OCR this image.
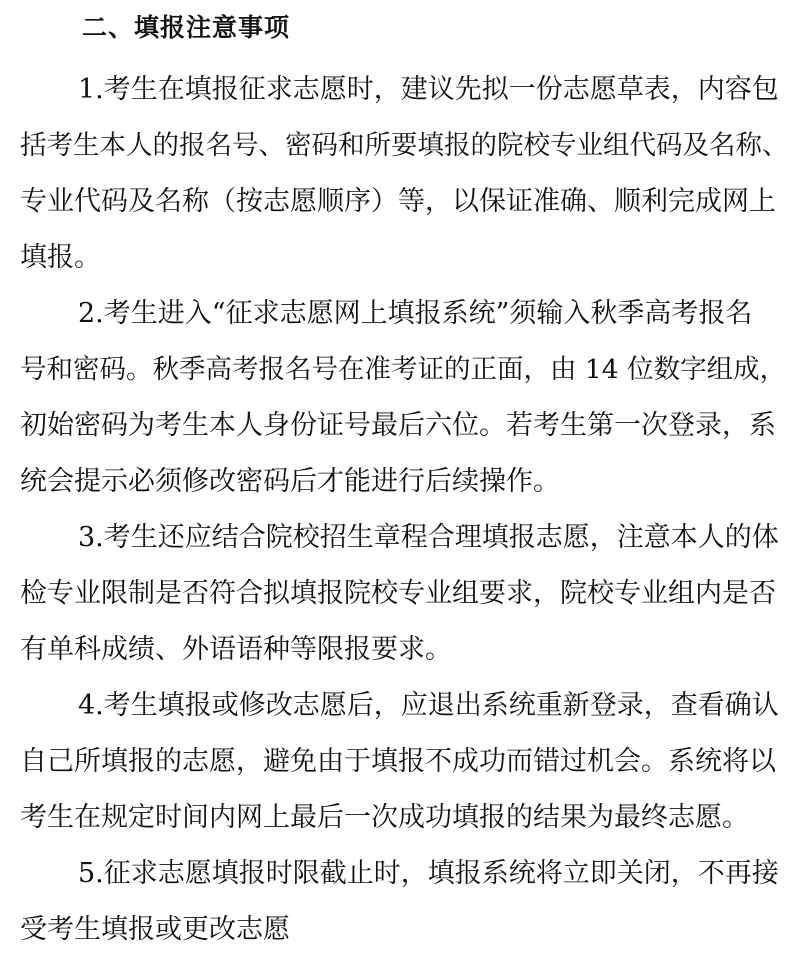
二、填报注意事项

1.考生在填报征求志愿时，建议先拟一份志愿草表，内容包

括考生本人的报名号、密码和所要填报的院校专业组代码及名称、

专业代码及名称（按志愿顺序）等，以保证准确、顺利完成网上

填报。

2.考生进入“征求志愿网上填报系统”须输入秋季高考报名

号和密码。秋季高考报名号在准考证的正面，由 14 位数字组成，

初始密码为考生本人身份证号最后六位。若考生第一次登录，系

统会提示必须修改密码后才能进行后续操作。

3.考生还应结合院校招生章程合理填报志愿，注意本人的体

检专业限制是否符合拟填报院校专业组要求，院校专业组内是否

有单科成绩、外语语种等限报要求。

4.考生填报或修改志愿后，应退出系统重新登录，查看确认

自己所填报的志愿，避免由于填报不成功而错过机会。系统将以

考生在规定时间内网上最后一次成功填报的结果为最终志愿。

5.征求志愿填报时限截止时，填报系统将立即关闭，不再接

受考生填报或更改志愿
